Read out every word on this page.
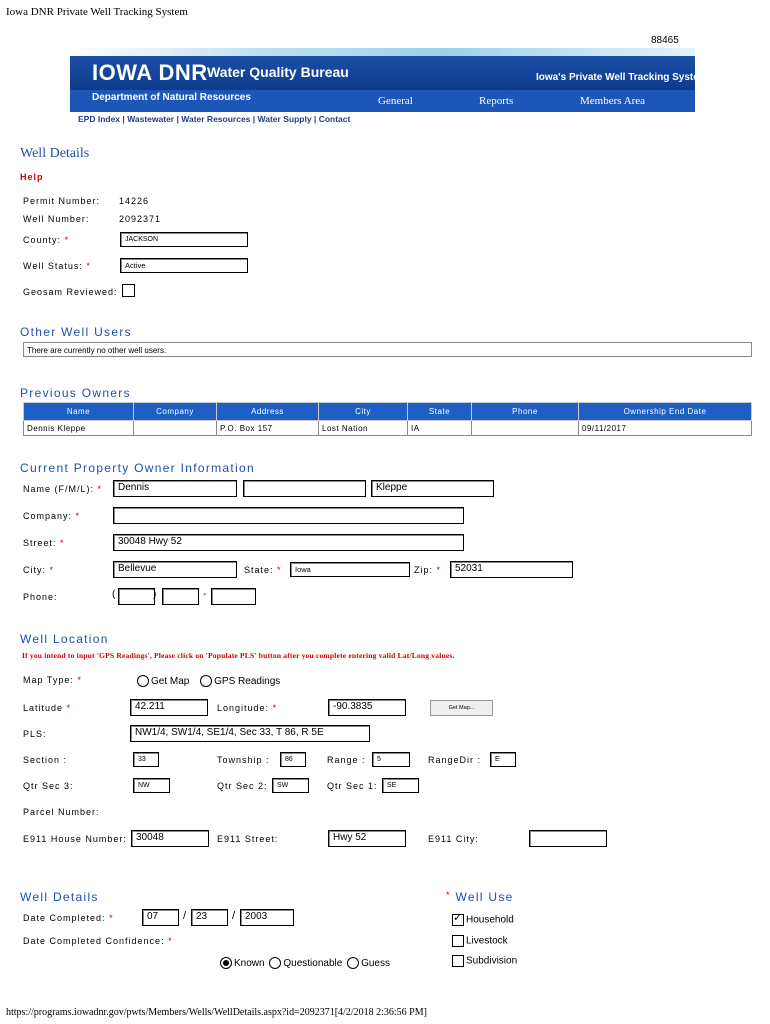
Iowa DNR Private Well Tracking System
88465
IOWA DNR Water Quality Bureau	Iowa's Private Well Tracking System
Department of Natural Resources	General	Reports	Members Area
EPD Index | Wastewater | Water Resources | Water Supply | Contact
Well Details
Help
Permit Number: 14226
Well Number:	2092371
County: *	JACKSON
Well Status: *	Active
Geosam Reviewed:
Other Well Users
There are currently no other well users.
Previous Owners
Name	Company	Address	City	State	Phone	Ownership End Date
Dennis Kleppe		P.O. Box 157	Lost Nation	IA		09/11/2017
Current Property Owner Information
Name (F/M/L): *	Dennis	Kleppe
Company: *
Street: *	30048 Hwy 52
City: *	Bellevue	State: *	Iowa	Zip: *	52031
Phone:	(	)	-
Well Location
If you intend to input 'GPS Readings', Please click on 'Populate PLS' button after you complete entering valid Lat/Long values.
Map Type: *	Get Map GPS Readings
Latitude *	42.211	Longitude: *	-90.3835	Get Map...
PLS:	NW1/4, SW1/4, SE1/4, Sec 33, T 86, R 5E
Section :	33	Township :	86	Range :	5	RangeDir :	E
Qtr Sec 3:	NW	Qtr Sec 2:	SW	Qtr Sec 1:	SE
Parcel Number:
E911 House Number: 30048	E911 Street:	Hwy 52	E911 City:
Well Details
Date Completed: *	07	/ 23	/ 2003
Date Completed Confidence: *
Known Questionable Guess
* Well Use
✓Household
Livestock
Subdivision
https://programs.iowadnr.gov/pwts/Members/Wells/WellDetails.aspx?id=2092371[4/2/2018 2:36:56 PM]
